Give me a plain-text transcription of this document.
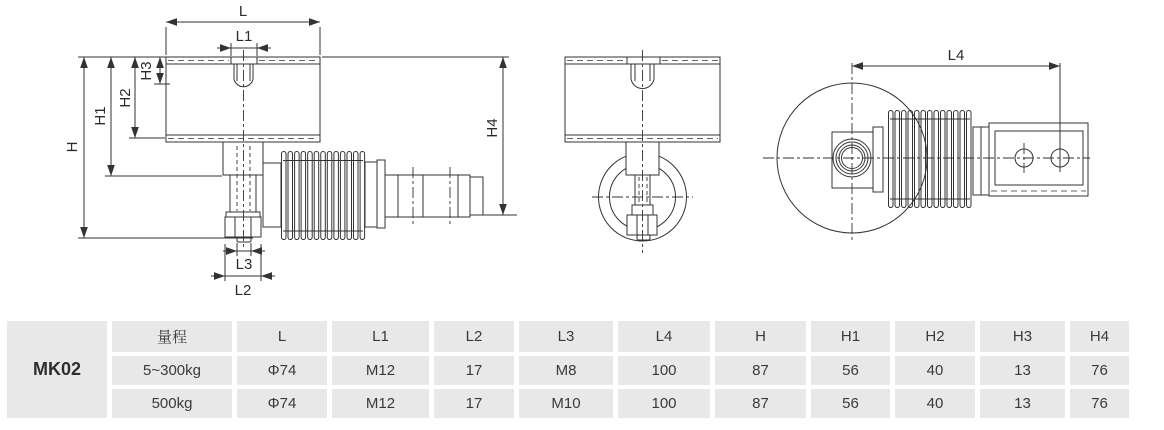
L
L1
H
H1
H2
H3
L3
L2
H4
L4
MK02	量程	L	L1	L2	L3	L4	H	H1	H2	H3	H4
	5~300kg	Φ74	M12	17	M8	100	87	56	40	13	76
	500kg	Φ74	M12	17	M10	100	87	56	40	13	76
